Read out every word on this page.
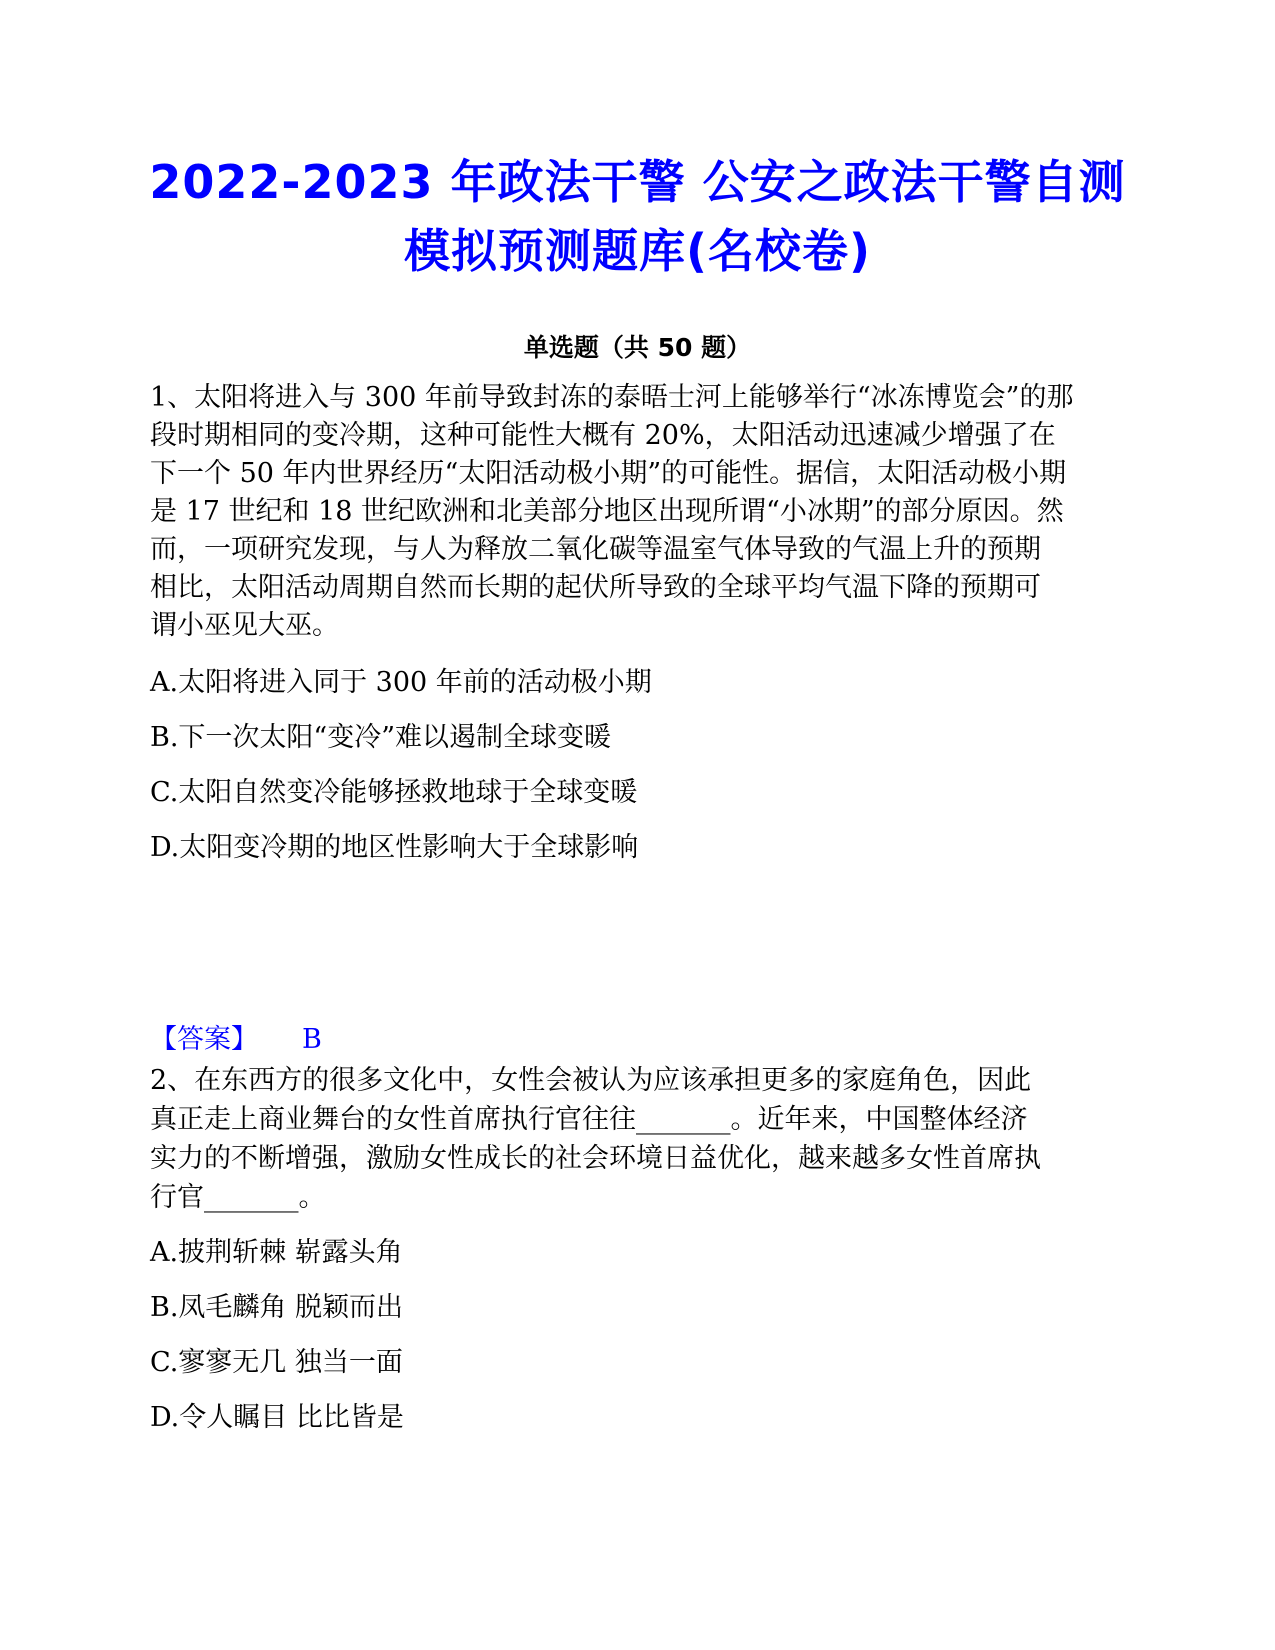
2022-2023 年政法干警 公安之政法干警自测
模拟预测题库(名校卷)
单选题（共 50 题）
1、太阳将进入与 300 年前导致封冻的泰晤士河上能够举行“冰冻博览会”的那
段时期相同的变冷期，这种可能性大概有 20%，太阳活动迅速减少增强了在
下一个 50 年内世界经历“太阳活动极小期”的可能性。据信，太阳活动极小期
是 17 世纪和 18 世纪欧洲和北美部分地区出现所谓“小冰期”的部分原因。然
而，一项研究发现，与人为释放二氧化碳等温室气体导致的气温上升的预期
相比，太阳活动周期自然而长期的起伏所导致的全球平均气温下降的预期可
谓小巫见大巫。
A.太阳将进入同于 300 年前的活动极小期
B.下一次太阳“变冷”难以遏制全球变暖
C.太阳自然变冷能够拯救地球于全球变暖
D.太阳变冷期的地区性影响大于全球影响
【答案】 B
2、在东西方的很多文化中，女性会被认为应该承担更多的家庭角色，因此
真正走上商业舞台的女性首席执行官往往_______。近年来，中国整体经济
实力的不断增强，激励女性成长的社会环境日益优化，越来越多女性首席执
行官_______。
A.披荆斩棘 崭露头角
B.凤毛麟角 脱颖而出
C.寥寥无几 独当一面
D.令人瞩目 比比皆是
